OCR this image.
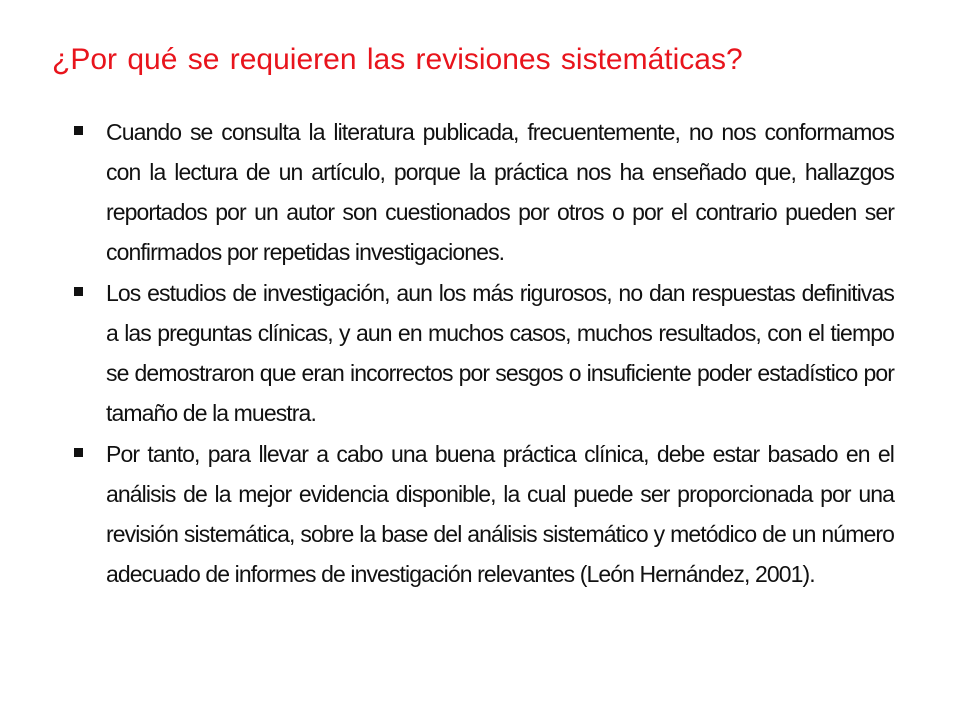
¿Por qué se requieren las revisiones sistemáticas?
Cuando se consulta la literatura publicada, frecuentemente, no nos conformamos con la lectura de un artículo, porque la práctica nos ha enseñado que, hallazgos reportados por un autor son cuestionados por otros o por el contrario pueden ser confirmados por repetidas investigaciones.
Los estudios de investigación, aun los más rigurosos, no dan respuestas definitivas a las preguntas clínicas, y aun en muchos casos, muchos resultados, con el tiempo se demostraron que eran incorrectos por sesgos o insuficiente poder estadístico por tamaño de la muestra.
Por tanto, para llevar a cabo una buena práctica clínica, debe estar basado en el análisis de la mejor evidencia disponible, la cual puede ser proporcionada por una revisión sistemática, sobre la base del análisis sistemático y metódico de un número adecuado de informes de investigación relevantes (León Hernández, 2001).
